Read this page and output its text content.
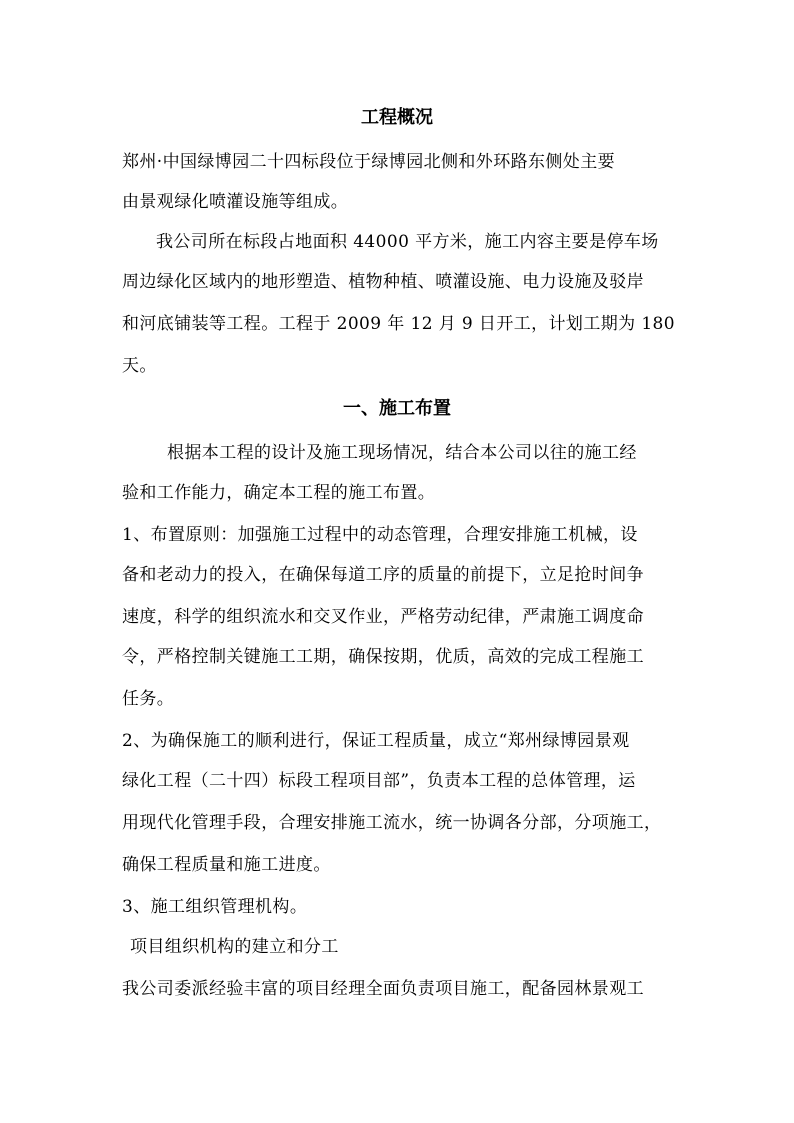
工程概况
郑州·中国绿博园二十四标段位于绿博园北侧和外环路东侧处主要
由景观绿化喷灌设施等组成。
我公司所在标段占地面积 44000 平方米，施工内容主要是停车场
周边绿化区域内的地形塑造、植物种植、喷灌设施、电力设施及驳岸
和河底铺装等工程。工程于 2009 年 12 月 9 日开工，计划工期为 180
天。
一、施工布置
根据本工程的设计及施工现场情况，结合本公司以往的施工经
验和工作能力，确定本工程的施工布置。
1、布置原则：加强施工过程中的动态管理，合理安排施工机械，设
备和老动力的投入，在确保每道工序的质量的前提下，立足抢时间争
速度，科学的组织流水和交叉作业，严格劳动纪律，严肃施工调度命
令，严格控制关键施工工期，确保按期，优质，高效的完成工程施工
任务。
2、为确保施工的顺利进行，保证工程质量，成立“郑州绿博园景观
绿化工程（二十四）标段工程项目部”，负责本工程的总体管理，运
用现代化管理手段，合理安排施工流水，统一协调各分部，分项施工，
确保工程质量和施工进度。
3、施工组织管理机构。
项目组织机构的建立和分工
我公司委派经验丰富的项目经理全面负责项目施工，配备园林景观工
